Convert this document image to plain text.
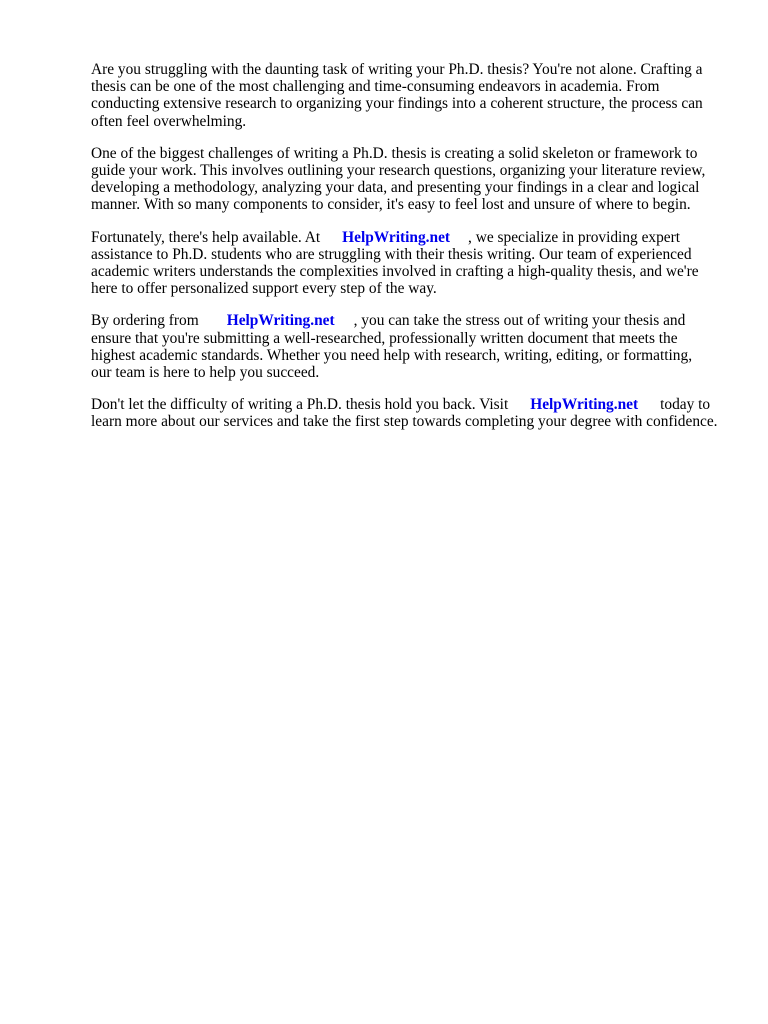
Are you struggling with the daunting task of writing your Ph.D. thesis? You're not alone. Crafting a
thesis can be one of the most challenging and time-consuming endeavors in academia. From
conducting extensive research to organizing your findings into a coherent structure, the process can
often feel overwhelming.

One of the biggest challenges of writing a Ph.D. thesis is creating a solid skeleton or framework to
guide your work. This involves outlining your research questions, organizing your literature review,
developing a methodology, analyzing your data, and presenting your findings in a clear and logical
manner. With so many components to consider, it's easy to feel lost and unsure of where to begin.

Fortunately, there's help available. At HelpWriting.net , we specialize in providing expert
assistance to Ph.D. students who are struggling with their thesis writing. Our team of experienced
academic writers understands the complexities involved in crafting a high-quality thesis, and we're
here to offer personalized support every step of the way.

By ordering from HelpWriting.net , you can take the stress out of writing your thesis and
ensure that you're submitting a well-researched, professionally written document that meets the
highest academic standards. Whether you need help with research, writing, editing, or formatting,
our team is here to help you succeed.

Don't let the difficulty of writing a Ph.D. thesis hold you back. Visit HelpWriting.net today to
learn more about our services and take the first step towards completing your degree with confidence.
